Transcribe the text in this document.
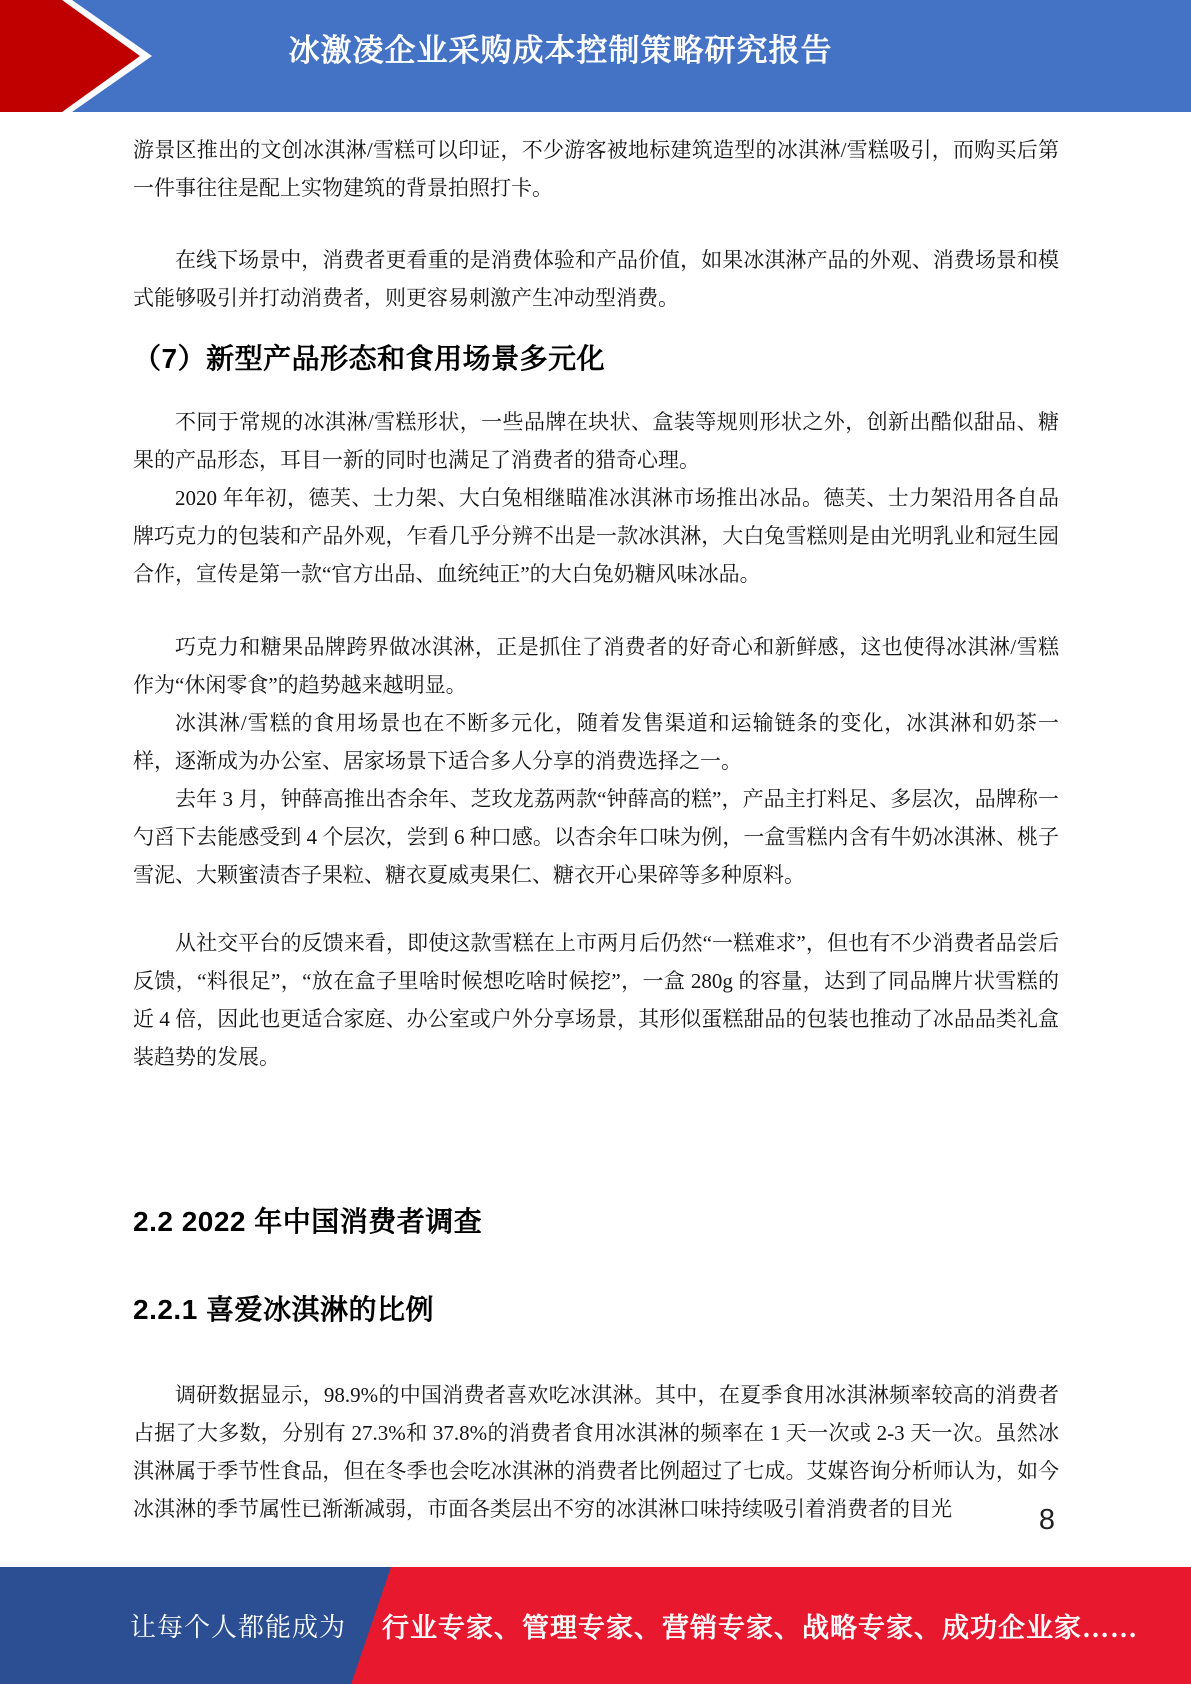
冰激凌企业采购成本控制策略研究报告

游景区推出的文创冰淇淋/雪糕可以印证，不少游客被地标建筑造型的冰淇淋/雪糕吸引，而购买后第一件事往往是配上实物建筑的背景拍照打卡。

在线下场景中，消费者更看重的是消费体验和产品价值，如果冰淇淋产品的外观、消费场景和模式能够吸引并打动消费者，则更容易刺激产生冲动型消费。

（7）新型产品形态和食用场景多元化

不同于常规的冰淇淋/雪糕形状，一些品牌在块状、盒装等规则形状之外，创新出酷似甜品、糖果的产品形态，耳目一新的同时也满足了消费者的猎奇心理。

2020 年年初，德芙、士力架、大白兔相继瞄准冰淇淋市场推出冰品。德芙、士力架沿用各自品牌巧克力的包装和产品外观，乍看几乎分辨不出是一款冰淇淋，大白兔雪糕则是由光明乳业和冠生园合作，宣传是第一款“官方出品、血统纯正”的大白兔奶糖风味冰品。

巧克力和糖果品牌跨界做冰淇淋，正是抓住了消费者的好奇心和新鲜感，这也使得冰淇淋/雪糕作为“休闲零食”的趋势越来越明显。

冰淇淋/雪糕的食用场景也在不断多元化，随着发售渠道和运输链条的变化，冰淇淋和奶茶一样，逐渐成为办公室、居家场景下适合多人分享的消费选择之一。

去年 3 月，钟薛高推出杏余年、芝玫龙荔两款“钟薛高的糕”，产品主打料足、多层次，品牌称一勺舀下去能感受到 4 个层次，尝到 6 种口感。以杏余年口味为例，一盒雪糕内含有牛奶冰淇淋、桃子雪泥、大颗蜜渍杏子果粒、糖衣夏威夷果仁、糖衣开心果碎等多种原料。

从社交平台的反馈来看，即使这款雪糕在上市两月后仍然“一糕难求”，但也有不少消费者品尝后反馈，“料很足”，“放在盒子里啥时候想吃啥时候挖”，一盒 280g 的容量，达到了同品牌片状雪糕的近 4 倍，因此也更适合家庭、办公室或户外分享场景，其形似蛋糕甜品的包装也推动了冰品品类礼盒装趋势的发展。

2.2 2022 年中国消费者调查
2.2.1 喜爱冰淇淋的比例

调研数据显示，98.9%的中国消费者喜欢吃冰淇淋。其中，在夏季食用冰淇淋频率较高的消费者占据了大多数，分别有 27.3%和 37.8%的消费者食用冰淇淋的频率在 1 天一次或 2-3 天一次。虽然冰淇淋属于季节性食品，但在冬季也会吃冰淇淋的消费者比例超过了七成。艾媒咨询分析师认为，如今冰淇淋的季节属性已渐渐减弱，市面各类层出不穷的冰淇淋口味持续吸引着消费者的目光	8
让每个人都能成为 行业专家、管理专家、营销专家、战略专家、成功企业家……
